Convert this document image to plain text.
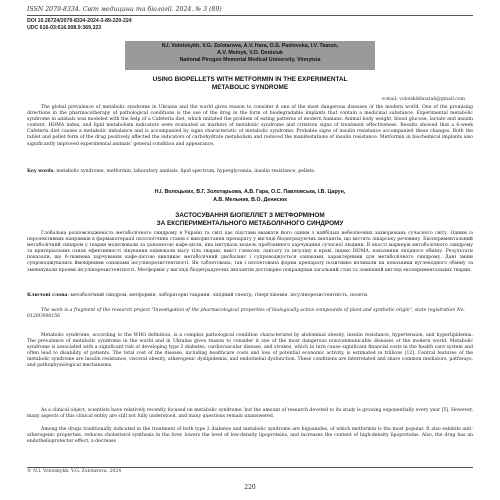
ISSN 2079-8334. Світ медицини та біології. 2024. № 3 (89)
DOI 10.26724/2079-8334-2024-3-89-220-224
UDC 616-03:616.008.9:369.323
N.I. Volotskykh, V.G. Zolotarova, A.V. Hara, O.S. Pavlovska, I.V. Tsarun,
A.V. Melnyk, V.O. Denisiuk
National Pirogov Memorial Medical University, Vinnytsia
USING BIOPELLETS WITH METFORMIN IN THE EXPERIMENTAL
METABOLIC SYNDROME
e-mail: volotskikhnatali@gmail.com
The global prevalence of metabolic syndrome in Ukraine and the world gives reason to consider it one of the most dangerous diseases of the modern world. One of the promising directions in the pharmacotherapy of pathological conditions is the use of the drug in the form of biodegradable implants that contain a medicinal substance. Experimental metabolic syndrome in animals was modeled with the help of a Cafeteria diet, which imitated the problem of eating patterns of modern humans. Animal body weight, blood glucose, lactate and insulin content, HOMA index, and lipid metabolism indicators were evaluated as markers of metabolic syndrome and criterion signs of treatment effectiveness. Results showed that a 6-week Cafeteria diet causes a metabolic imbalance and is accompanied by signs characteristic of metabolic syndrome. Probable signs of insulin resistance accompanied these changes. Both the tablet and pellet form of the drug positively affected the indicators of carbohydrate metabolism and reduced the manifestations of insulin resistance. Metformin in biochemical implants also significantly improved experimental animals' general condition and appearance.
Key words: metabolic syndrome, metformin, laboratory animals, lipid spectrum, hyperglycemia, insulin resistance, pellets.
Н.І. Волоцьких, В.Г. Золотарьова, А.В. Гара, О.С. Павловська, І.В. Царун,
А.В. Мельник, В.О. Денисюк
ЗАСТОСУВАННЯ БІОПЕЛЛЕТ З МЕТФОРМІНОМ
ЗА ЕКСПЕРИМЕНТАЛЬНОГО МЕТАБОЛІЧНОГО СИНДРОМУ
Глобальна розповсюдженість метаболічного синдрому в Україні та світі дає підстави вважати його одним з найбільш небезпечних захворювань сучасного світу. Одним із перспективних напрямків в фармакотерапії патологічних станів є використання препарату у вигляді біодеградуючих імплантів, що містять лікарську речовину. Експериментальний метаболічний синдром у тварин моделювали за допомогою кафе-дієти, яка імітувала модель проблемного харчування сучасної людини. В якості маркерів метаболічного синдрому та критеріальних ознак ефективності лікування оцінювали масу тіла тварин, вміст глюкози, лактату та інсуліну в крові, індекс HOMA, показники ліпідного обміну. Результати показали, що 6-тижнева харчування кафе-дієтою викликає метаболічний дисбаланс і супроводжується ознаками, характерними для метаболічного синдрому. Дані зміни супроводжувались ймовірними ознаками інсулінорезистентності. Як таблетована, так і пеллетована форма препарату позитивно впливали на показники вуглеводного обміну та зменшували прояви інсулінорезистентності. Метформін у вигляді біодеградуючих імплантів достовірно покращував загальний стан та зовнішній вигляд експериментальних тварин.
Ключові слова: метаболічний синдром, метформін, лабораторні тварини, ліпідний спектр, гіперглікемія, інсулінорезистентність, пелети.
The work is a fragment of the research project "Investigation of the pharmacological properties of biologically active compounds of plant and synthetic origin", state registration No. 0120U000156
Metabolic syndrome, according to the WHO definition, is a complex pathological condition characterized by abdominal obesity, insulin resistance, hypertension, and hyperlipidemia. The prevalence of metabolic syndrome in the world and in Ukraine gives reason to consider it one of the most dangerous noncommunicable diseases of the modern world. Metabolic syndrome is associated with a significant risk of developing type 2 diabetes, cardiovascular disease, and strokes, which in turn cause significant financial costs in the health care system and often lead to disability of patients. The total cost of the disease, including healthcare costs and loss of potential economic activity, is estimated in trillions [12]. Central features of the metabolic syndrome are insulin resistance, visceral obesity, atherogenic dyslipidemia, and endothelial dysfunction. These conditions are interrelated and share common mediators, pathways, and pathophysiological mechanisms.
As a clinical object, scientists have relatively recently focused on metabolic syndrome, but the amount of research devoted to its study is growing exponentially every year [5]. However, many aspects of this clinical entity are still not fully understood, and many questions remain unanswered.
Among the drugs traditionally indicated in the treatment of both type 2 diabetes and metabolic syndrome are biguanides, of which metformin is the most popular. It also exhibits anti-atherogenic properties, reduces cholesterol synthesis in the liver, lowers the level of low-density lipoproteins, and increases the content of high-density lipoproteins. Also, the drug has an endothelioprotector effect, a decrease
© N.I. Volotskykh, V.G. Zolotarova, 2024
220
